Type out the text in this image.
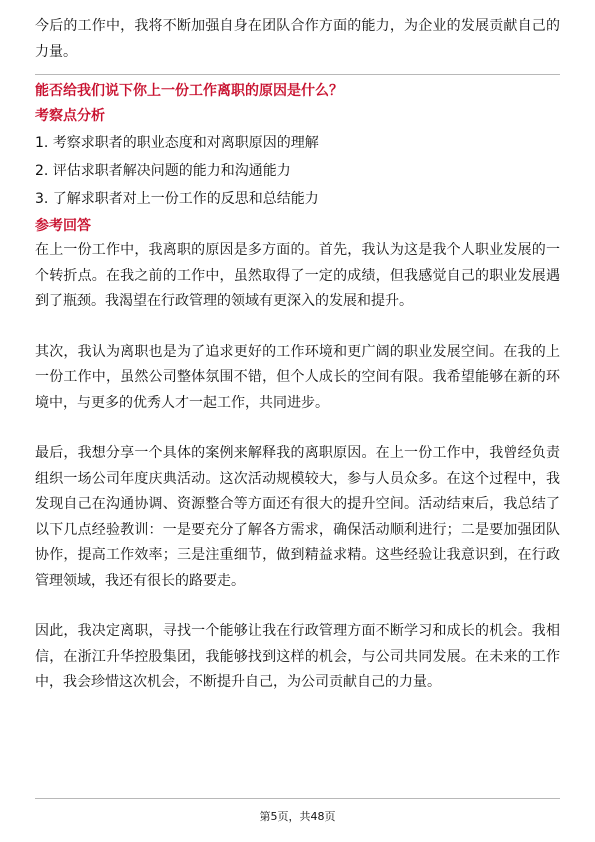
今后的工作中，我将不断加强自身在团队合作方面的能力，为企业的发展贡献自己的力量。

能否给我们说下你上一份工作离职的原因是什么？

考察点分析

1. 考察求职者的职业态度和对离职原因的理解

2. 评估求职者解决问题的能力和沟通能力

3. 了解求职者对上一份工作的反思和总结能力

参考回答

在上一份工作中，我离职的原因是多方面的。首先，我认为这是我个人职业发展的一个转折点。在我之前的工作中，虽然取得了一定的成绩，但我感觉自己的职业发展遇到了瓶颈。我渴望在行政管理的领域有更深入的发展和提升。

其次，我认为离职也是为了追求更好的工作环境和更广阔的职业发展空间。在我的上一份工作中，虽然公司整体氛围不错，但个人成长的空间有限。我希望能够在新的环境中，与更多的优秀人才一起工作，共同进步。

最后，我想分享一个具体的案例来解释我的离职原因。在上一份工作中，我曾经负责组织一场公司年度庆典活动。这次活动规模较大，参与人员众多。在这个过程中，我发现自己在沟通协调、资源整合等方面还有很大的提升空间。活动结束后，我总结了以下几点经验教训：一是要充分了解各方需求，确保活动顺利进行；二是要加强团队协作，提高工作效率；三是注重细节，做到精益求精。这些经验让我意识到，在行政管理领域，我还有很长的路要走。

因此，我决定离职，寻找一个能够让我在行政管理方面不断学习和成长的机会。我相信，在浙江升华控股集团，我能够找到这样的机会，与公司共同发展。在未来的工作中，我会珍惜这次机会，不断提升自己，为公司贡献自己的力量。

第5页，共48页
